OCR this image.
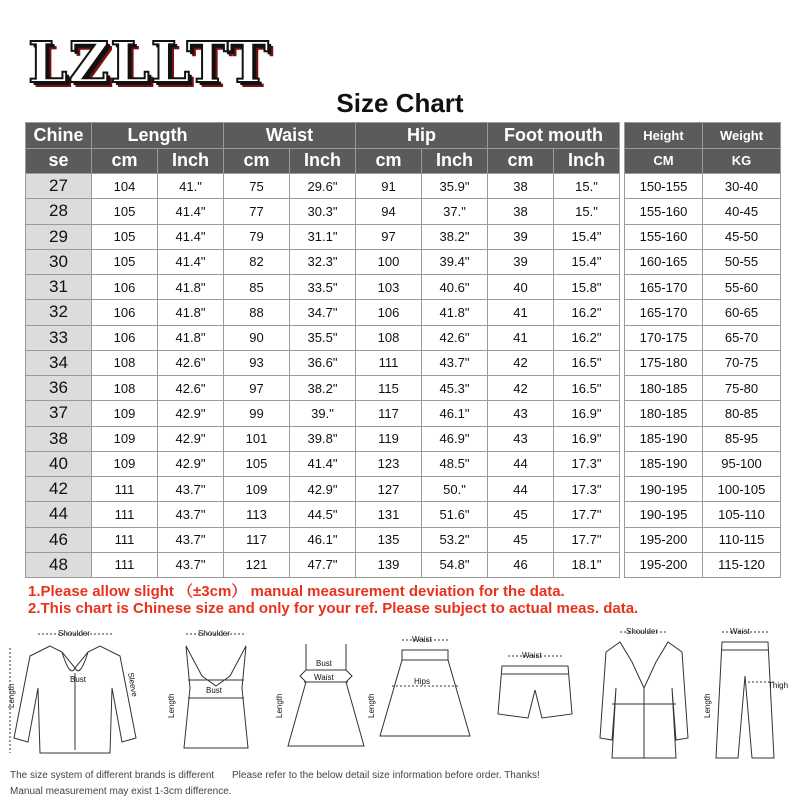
LZLLTT
Size Chart
Chine	Length		Waist		Hip		Foot mouth	
se	cm	Inch	cm	Inch	cm	Inch	cm	Inch
27	104	41."	75	29.6"	91	35.9"	38	15."
28	105	41.4"	77	30.3"	94	37."	38	15."
29	105	41.4"	79	31.1"	97	38.2"	39	15.4"
30	105	41.4"	82	32.3"	100	39.4"	39	15.4"
31	106	41.8"	85	33.5"	103	40.6"	40	15.8"
32	106	41.8"	88	34.7"	106	41.8"	41	16.2"
33	106	41.8"	90	35.5"	108	42.6"	41	16.2"
34	108	42.6"	93	36.6"	111	43.7"	42	16.5"
36	108	42.6"	97	38.2"	115	45.3"	42	16.5"
37	109	42.9"	99	39."	117	46.1"	43	16.9"
38	109	42.9"	101	39.8"	119	46.9"	43	16.9"
40	109	42.9"	105	41.4"	123	48.5"	44	17.3"
42	111	43.7"	109	42.9"	127	50."	44	17.3"
44	111	43.7"	113	44.5"	131	51.6"	45	17.7"
46	111	43.7"	117	46.1"	135	53.2"	45	17.7"
48	111	43.7"	121	47.7"	139	54.8"	46	18.1"
Height	Weight
CM	KG
150-155	30-40
155-160	40-45
155-160	45-50
160-165	50-55
165-170	55-60
165-170	60-65
170-175	65-70
175-180	70-75
180-185	75-80
180-185	80-85
185-190	85-95
185-190	95-100
190-195	100-105
190-195	105-110
195-200	110-115
195-200	115-120
1.Please allow slight （±3cm） manual measurement deviation for the data.
2.This chart is Chinese size and only for your ref. Please subject to actual meas. data.
Shoulder
Bust
Length	Sleeve
Shoulder
Bust
Length
Bust
Waist
Length
Waist
Hips
Length
Waist
Shoulder	Waist
Thigh
Length
The size system of different brands is different
Manual measurement may exist 1-3cm difference.
Please refer to the below detail size information before order. Thanks!
